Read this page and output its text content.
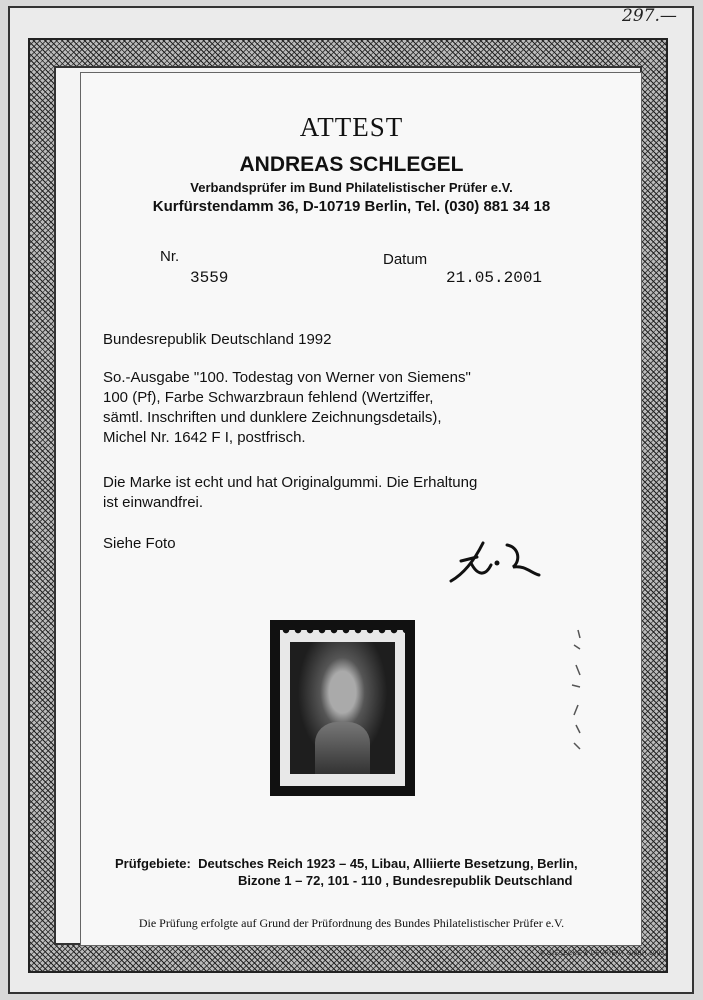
297.—
ATTEST
ANDREAS SCHLEGEL
Verbandsprüfer im Bund Philatelistischer Prüfer e.V.
Kurfürstendamm 36, D-10719 Berlin, Tel. (030) 881 34 18
Nr.	Datum
3559	21.05.2001
Bundesrepublik Deutschland 1992
So.-Ausgabe "100. Todestag von Werner von Siemens"
100 (Pf), Farbe Schwarzbraun fehlend (Wertziffer,
sämtl. Inschriften und dunklere Zeichnungsdetails),
Michel Nr. 1642 F I, postfrisch.
Die Marke ist echt und hat Originalgummi. Die Erhaltung
ist einwandfrei.
Siehe Foto
Prüfgebiete: Deutsches Reich 1923 – 45, Libau, Alliierte Besetzung, Berlin,
Bizone 1 – 72, 101 - 110 , Bundesrepublik Deutschland
Die Prüfung erfolgte auf Grund der Prüfordnung des Bundes Philatelistischer Prüfer e.V.
© GIESECKE & DEVRIENT GMBH 1992
